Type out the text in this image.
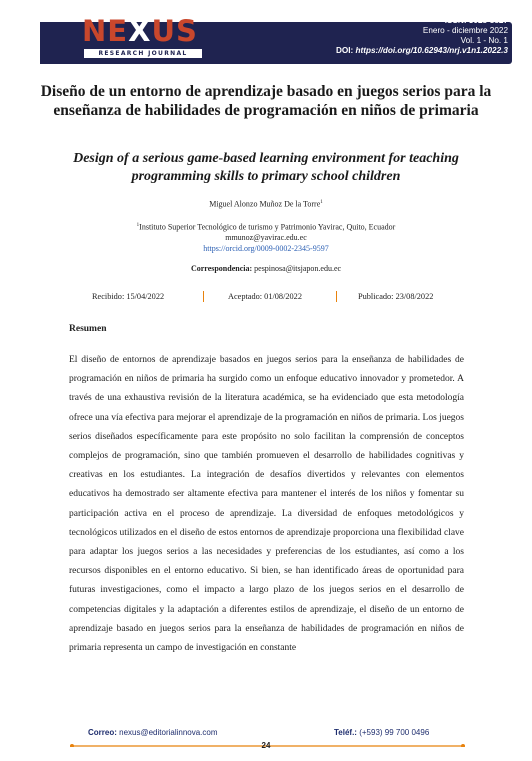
NEXUS
RESEARCH JOURNAL
ISSN: 3028-8827
Enero - diciembre 2022
Vol. 1 - No. 1
DOI: https://doi.org/10.62943/nrj.v1n1.2022.3
Diseño de un entorno de aprendizaje basado en juegos serios para la enseñanza de habilidades de programación en niños de primaria
Design of a serious game-based learning environment for teaching programming skills to primary school children
Miguel Alonzo Muñoz De la Torre$^1$
$^1$Instituto Superior Tecnológico de turismo y Patrimonio Yavirac, Quito, Ecuador
mmunoz@yavirac.edu.ec
https://orcid.org/0009-0002-2345-9597
Correspondencia: pespinosa@itsjapon.edu.ec
Recibido: 15/04/2022	Aceptado: 01/08/2022	Publicado: 23/08/2022
Resumen
El diseño de entornos de aprendizaje basados en juegos serios para la enseñanza de habilidades de programación en niños de primaria ha surgido como un enfoque educativo innovador y prometedor. A través de una exhaustiva revisión de la literatura académica, se ha evidenciado que esta metodología ofrece una vía efectiva para mejorar el aprendizaje de la programación en niños de primaria. Los juegos serios diseñados específicamente para este propósito no solo facilitan la comprensión de conceptos complejos de programación, sino que también promueven el desarrollo de habilidades cognitivas y creativas en los estudiantes. La integración de desafíos divertidos y relevantes con elementos educativos ha demostrado ser altamente efectiva para mantener el interés de los niños y fomentar su participación activa en el proceso de aprendizaje. La diversidad de enfoques metodológicos y tecnológicos utilizados en el diseño de estos entornos de aprendizaje proporciona una flexibilidad clave para adaptar los juegos serios a las necesidades y preferencias de los estudiantes, así como a los recursos disponibles en el entorno educativo. Si bien, se han identificado áreas de oportunidad para futuras investigaciones, como el impacto a largo plazo de los juegos serios en el desarrollo de competencias digitales y la adaptación a diferentes estilos de aprendizaje, el diseño de un entorno de aprendizaje basado en juegos serios para la enseñanza de habilidades de programación en niños de primaria representa un campo de investigación en constante
Correo: nexus@editorialinnova.com	Teléf.: (+593) 99 700 0496
24
